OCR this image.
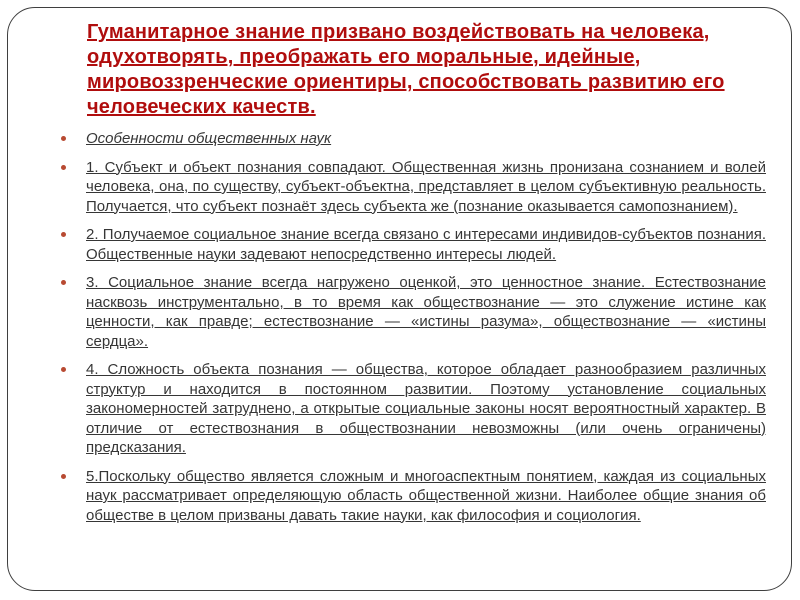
Гуманитарное знание призвано воздействовать на человека,
одухотворять, преображать его моральные, идейные,
мировоззренческие ориентиры, способствовать развитию его
человеческих качеств.
Особенности общественных наук
1. Субъект и объект познания совпадают. Общественная жизнь пронизана сознанием и волей человека, она, по существу, субъект-объектна, представляет в целом субъективную реальность. Получается, что субъект познаёт здесь субъекта же (познание оказывается самопознанием).
2. Получаемое социальное знание всегда связано с интересами индивидов-субъектов познания. Общественные науки задевают непосредственно интересы людей.
3. Социальное знание всегда нагружено оценкой, это ценностное знание. Естествознание насквозь инструментально, в то время как обществознание — это служение истине как ценности, как правде; естествознание — «истины разума», обществознание — «истины сердца».
4. Сложность объекта познания — общества, которое обладает разнообразием различных структур и находится в постоянном развитии. Поэтому установление социальных закономерностей затруднено, а открытые социальные законы носят вероятностный характер. В отличие от естествознания в обществознании невозможны (или очень ограничены) предсказания.
5.Поскольку общество является сложным и многоаспектным понятием, каждая из социальных наук рассматривает определяющую область общественной жизни. Наиболее общие знания об обществе в целом призваны давать такие науки, как философия и социология.
